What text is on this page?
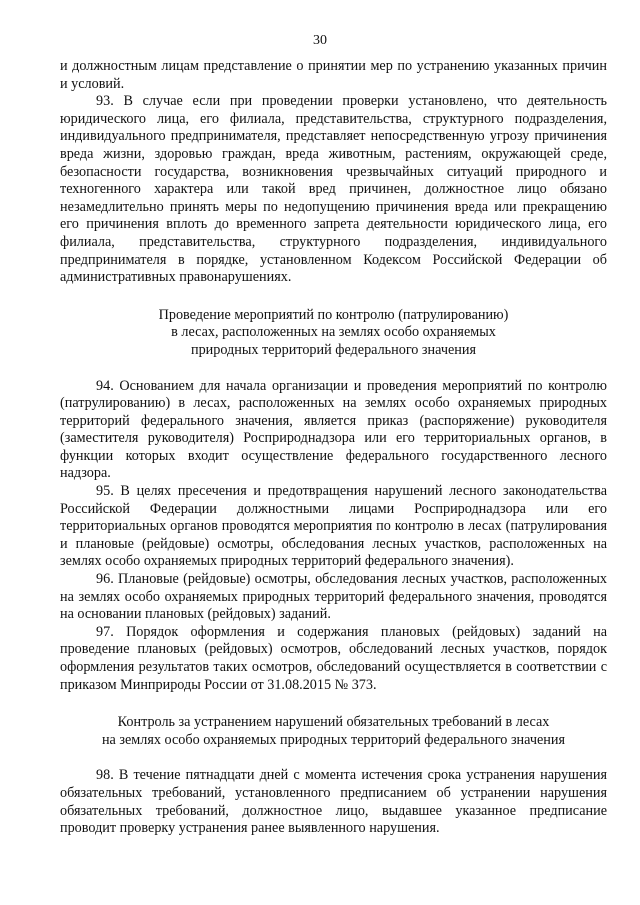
30

и должностным лицам представление о принятии мер по устранению указанных причин и условий.

93. В случае если при проведении проверки установлено, что деятельность юридического лица, его филиала, представительства, структурного подразделения, индивидуального предпринимателя, представляет непосредственную угрозу причинения вреда жизни, здоровью граждан, вреда животным, растениям, окружающей среде, безопасности государства, возникновения чрезвычайных ситуаций природного и техногенного характера или такой вред причинен, должностное лицо обязано незамедлительно принять меры по недопущению причинения вреда или прекращению его причинения вплоть до временного запрета деятельности юридического лица, его филиала, представительства, структурного подразделения, индивидуального предпринимателя в порядке, установленном Кодексом Российской Федерации об административных правонарушениях.

Проведение мероприятий по контролю (патрулированию)
в лесах, расположенных на землях особо охраняемых
природных территорий федерального значения

94. Основанием для начала организации и проведения мероприятий по контролю (патрулированию) в лесах, расположенных на землях особо охраняемых природных территорий федерального значения, является приказ (распоряжение) руководителя (заместителя руководителя) Росприроднадзора или его территориальных органов, в функции которых входит осуществление федерального государственного лесного надзора.

95. В целях пресечения и предотвращения нарушений лесного законодательства Российской Федерации должностными лицами Росприроднадзора или его территориальных органов проводятся мероприятия по контролю в лесах (патрулирования и плановые (рейдовые) осмотры, обследования лесных участков, расположенных на землях особо охраняемых природных территорий федерального значения).

96. Плановые (рейдовые) осмотры, обследования лесных участков, расположенных на землях особо охраняемых природных территорий федерального значения, проводятся на основании плановых (рейдовых) заданий.

97. Порядок оформления и содержания плановых (рейдовых) заданий на проведение плановых (рейдовых) осмотров, обследований лесных участков, порядок оформления результатов таких осмотров, обследований осуществляется в соответствии с приказом Минприроды России от 31.08.2015 № 373.

Контроль за устранением нарушений обязательных требований в лесах
на землях особо охраняемых природных территорий федерального значения

98. В течение пятнадцати дней с момента истечения срока устранения нарушения обязательных требований, установленного предписанием об устранении нарушения обязательных требований, должностное лицо, выдавшее указанное предписание проводит проверку устранения ранее выявленного нарушения.
